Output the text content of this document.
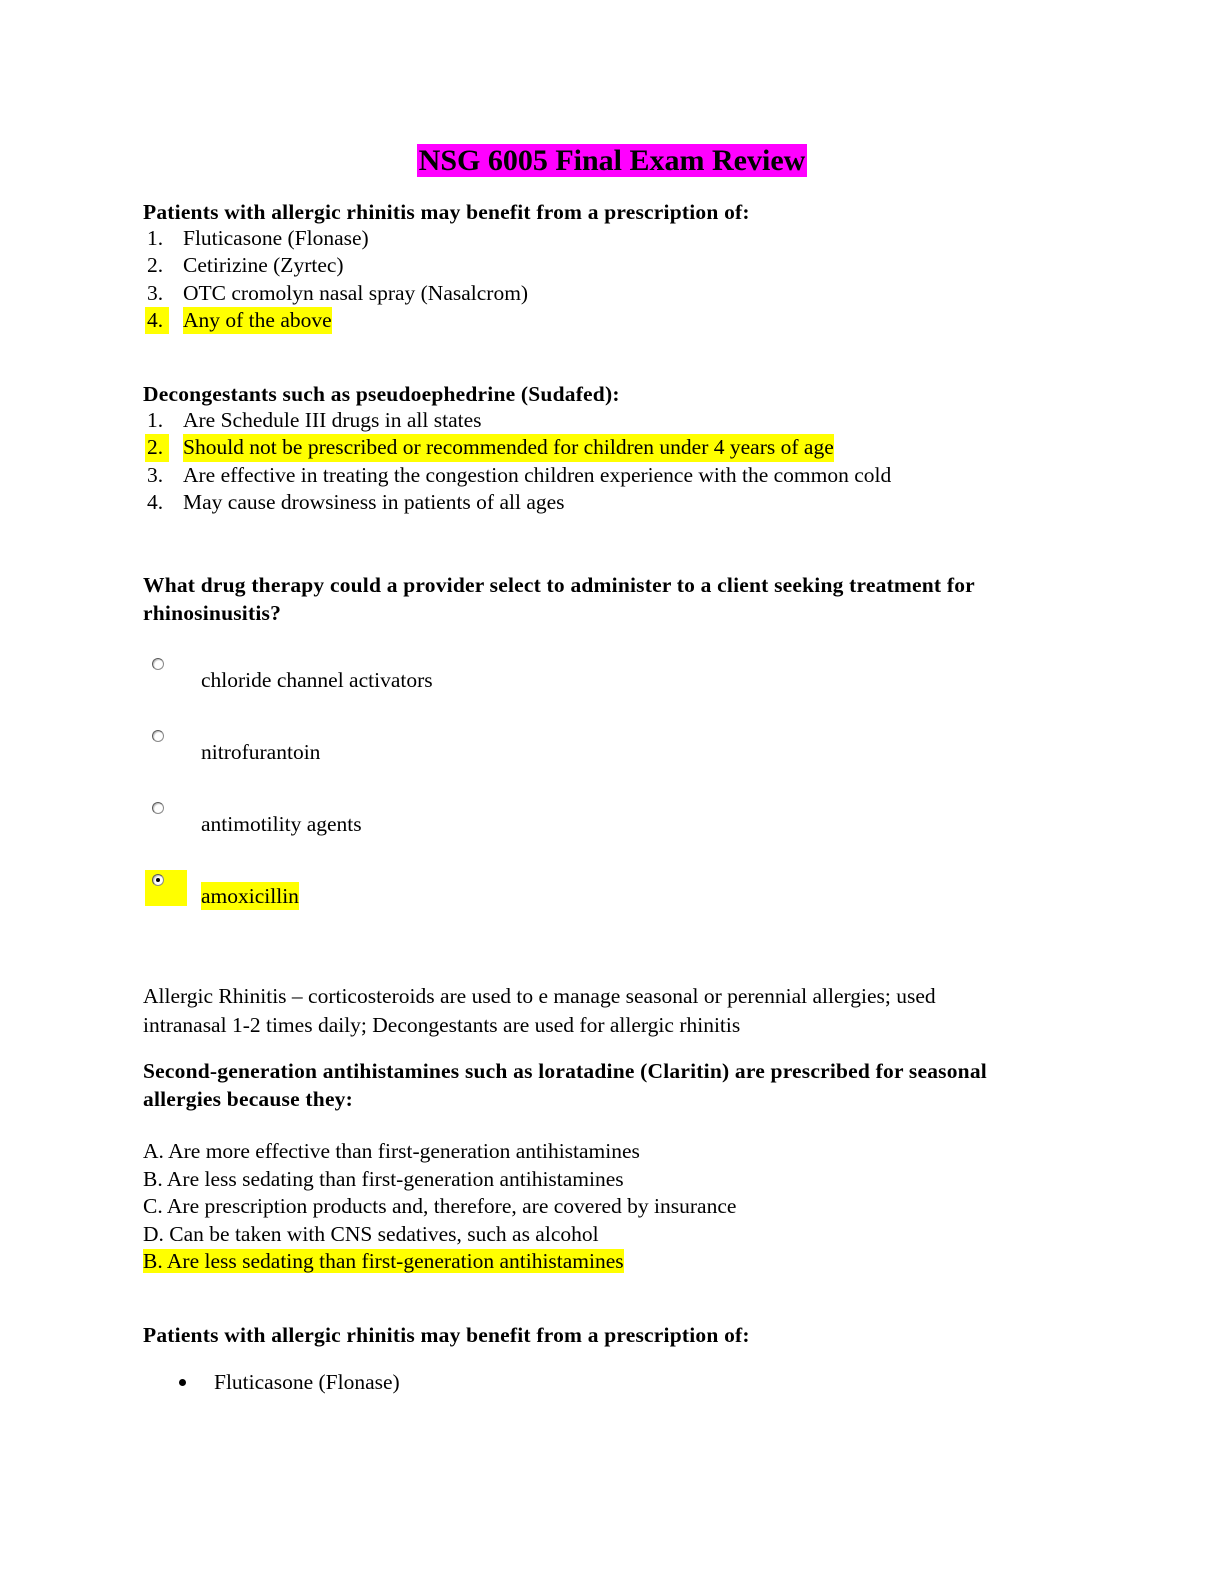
NSG 6005 Final Exam Review
Patients with allergic rhinitis may benefit from a prescription of:
1. Fluticasone (Flonase)
2. Cetirizine (Zyrtec)
3. OTC cromolyn nasal spray (Nasalcrom)
4. Any of the above
Decongestants such as pseudoephedrine (Sudafed):
1. Are Schedule III drugs in all states
2. Should not be prescribed or recommended for children under 4 years of age
3. Are effective in treating the congestion children experience with the common cold
4. May cause drowsiness in patients of all ages
What drug therapy could a provider select to administer to a client seeking treatment for
rhinosinusitis?
chloride channel activators
nitrofurantoin
antimotility agents
amoxicillin
Allergic Rhinitis – corticosteroids are used to e manage seasonal or perennial allergies; used
intranasal 1-2 times daily; Decongestants are used for allergic rhinitis
Second-generation antihistamines such as loratadine (Claritin) are prescribed for seasonal
allergies because they:
A. Are more effective than first-generation antihistamines
B. Are less sedating than first-generation antihistamines
C. Are prescription products and, therefore, are covered by insurance
D. Can be taken with CNS sedatives, such as alcohol
B. Are less sedating than first-generation antihistamines
Patients with allergic rhinitis may benefit from a prescription of:
Fluticasone (Flonase)
